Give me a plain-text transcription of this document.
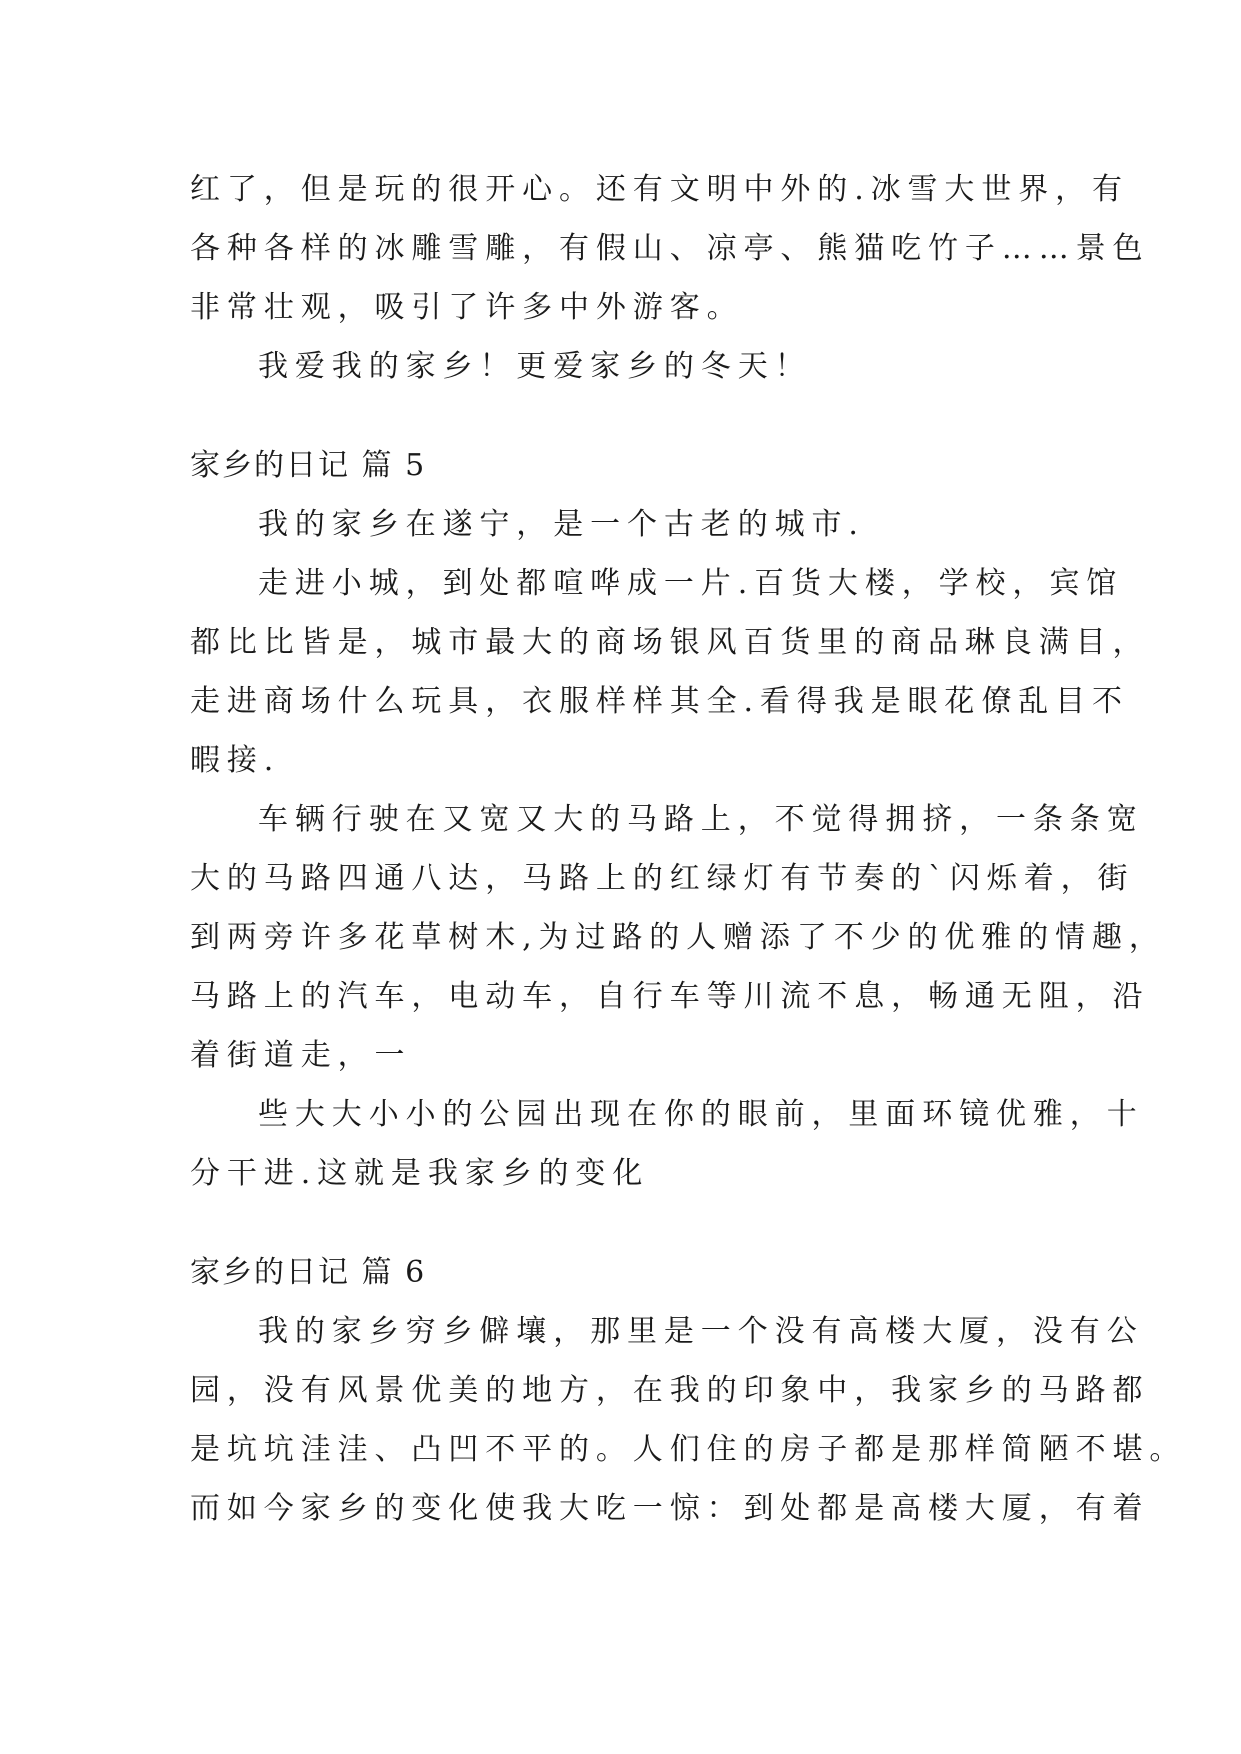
红了，但是玩的很开心。还有文明中外的.冰雪大世界，有
各种各样的冰雕雪雕，有假山、凉亭、熊猫吃竹子……景色
非常壮观，吸引了许多中外游客。
我爱我的家乡！更爱家乡的冬天！
家乡的日记 篇 5
我的家乡在遂宁，是一个古老的城市.
走进小城，到处都喧哗成一片.百货大楼，学校，宾馆
都比比皆是，城市最大的商场银风百货里的商品琳良满目，
走进商场什么玩具，衣服样样其全.看得我是眼花僚乱目不
暇接.
车辆行驶在又宽又大的马路上，不觉得拥挤，一条条宽
大的马路四通八达，马路上的红绿灯有节奏的`闪烁着，街
到两旁许多花草树木,为过路的人赠添了不少的优雅的情趣，
马路上的汽车，电动车，自行车等川流不息，畅通无阻，沿
着街道走，一
些大大小小的公园出现在你的眼前，里面环镜优雅，十
分干进.这就是我家乡的变化
家乡的日记 篇 6
我的家乡穷乡僻壤，那里是一个没有高楼大厦，没有公
园，没有风景优美的地方，在我的印象中，我家乡的马路都
是坑坑洼洼、凸凹不平的。人们住的房子都是那样简陋不堪。
而如今家乡的变化使我大吃一惊：到处都是高楼大厦，有着
